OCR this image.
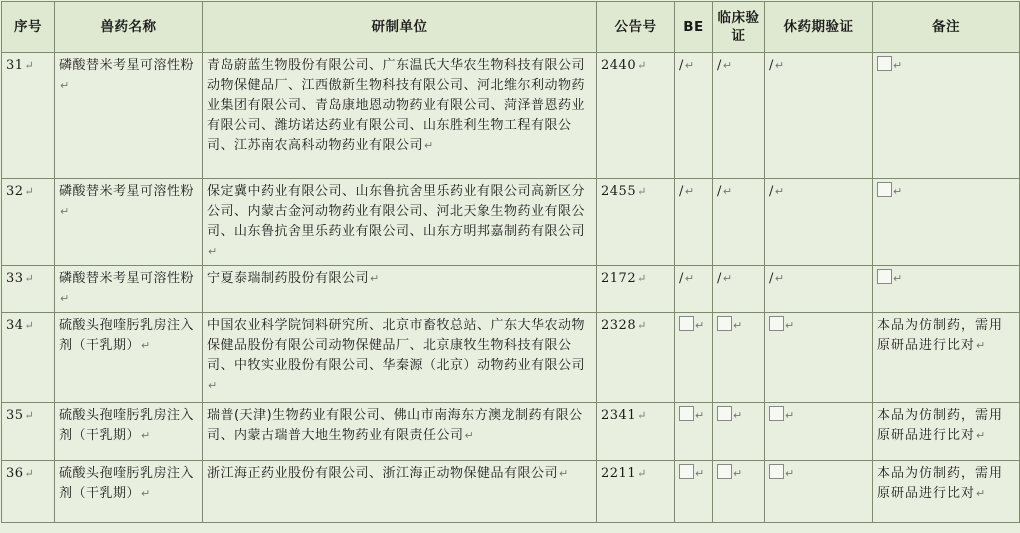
序号	兽药名称	研制单位	公告号	BE	临床验证	休药期验证	备注
31↵	磷酸替米考星可溶性粉↵	青岛蔚蓝生物股份有限公司、广东温氏大华农生物科技有限公司动物保健品厂、江西傲新生物科技有限公司、河北维尔利动物药业集团有限公司、青岛康地恩动物药业有限公司、菏泽普恩药业有限公司、潍坊诺达药业有限公司、山东胜利生物工程有限公司、江苏南农高科动物药业有限公司↵	2440↵	/↵	/↵	/↵	↵
32↵	磷酸替米考星可溶性粉↵	保定冀中药业有限公司、山东鲁抗舍里乐药业有限公司高新区分公司、内蒙古金河动物药业有限公司、河北天象生物药业有限公司、山东鲁抗舍里乐药业有限公司、山东方明邦嘉制药有限公司↵	2455↵	/↵	/↵	/↵	↵
33↵	磷酸替米考星可溶性粉↵	宁夏泰瑞制药股份有限公司↵	2172↵	/↵	/↵	/↵	↵
34↵	硫酸头孢喹肟乳房注入剂（干乳期）↵	中国农业科学院饲料研究所、北京市畜牧总站、广东大华农动物保健品股份有限公司动物保健品厂、北京康牧生物科技有限公司、中牧实业股份有限公司、华秦源（北京）动物药业有限公司↵	2328↵	↵	↵	↵	本品为仿制药，需用原研品进行比对↵
35↵	硫酸头孢喹肟乳房注入剂（干乳期）↵	瑞普(天津)生物药业有限公司、佛山市南海东方澳龙制药有限公司、内蒙古瑞普大地生物药业有限责任公司↵	2341↵	↵	↵	↵	本品为仿制药，需用原研品进行比对↵
36↵	硫酸头孢喹肟乳房注入剂（干乳期）↵	浙江海正药业股份有限公司、浙江海正动物保健品有限公司↵	2211↵	↵	↵	↵	本品为仿制药，需用原研品进行比对↵
